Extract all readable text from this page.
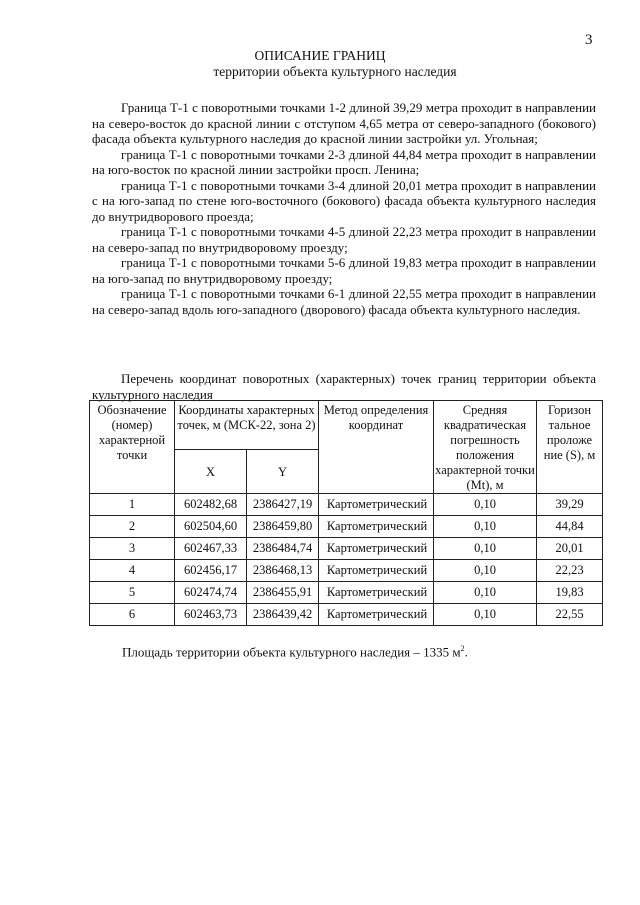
3
ОПИСАНИЕ ГРАНИЦ
территории объекта культурного наследия

Граница Т-1 с поворотными точками 1-2 длиной 39,29 метра проходит в направлении на северо-восток до красной линии с отступом 4,65 метра от северо-западного (бокового) фасада объекта культурного наследия до красной линии застройки ул. Угольная;

граница Т-1 с поворотными точками 2-3 длиной 44,84 метра проходит в направлении на юго-восток по красной линии застройки просп. Ленина;

граница Т-1 с поворотными точками 3-4 длиной 20,01 метра проходит в направлении с на юго-запад по стене юго-восточного (бокового) фасада объекта культурного наследия до внутридворового проезда;

граница Т-1 с поворотными точками 4-5 длиной 22,23 метра проходит в направлении на северо-запад по внутридворовому проезду;

граница Т-1 с поворотными точками 5-6 длиной 19,83 метра проходит в направлении на юго-запад по внутридворовому проезду;

граница Т-1 с поворотными точками 6-1 длиной 22,55 метра проходит в направлении на северо-запад вдоль юго-западного (дворового) фасада объекта культурного наследия.

Перечень координат поворотных (характерных) точек границ территории объекта культурного наследия
Обозначение (номер) характерной точки	Координаты характерных точек, м (МСК-22, зона 2)		Метод определения координат	Средняя квадратическая погрешность положения характерной точки (Mt), м	Горизон тальное проложе ние (S), м
	X	Y			
1	602482,68	2386427,19	Картометрический	0,10	39,29
2	602504,60	2386459,80	Картометрический	0,10	44,84
3	602467,33	2386484,74	Картометрический	0,10	20,01
4	602456,17	2386468,13	Картометрический	0,10	22,23
5	602474,74	2386455,91	Картометрический	0,10	19,83
6	602463,73	2386439,42	Картометрический	0,10	22,55
Площадь территории объекта культурного наследия – 1335 $м^2$.
